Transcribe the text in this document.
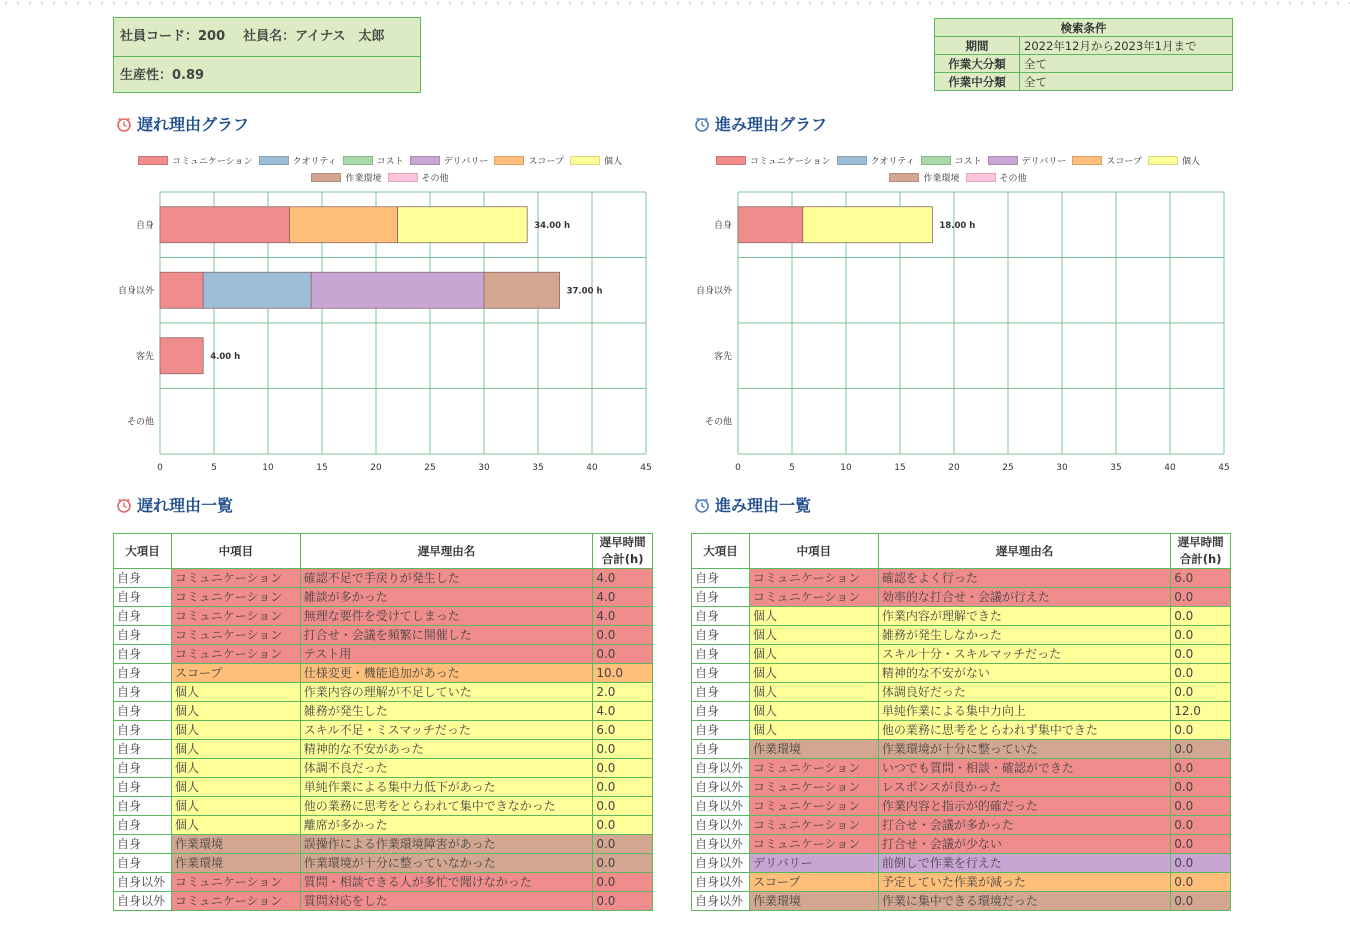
社員コード：200 社員名：アイナス　太郎
生産性：0.89
検索条件	
期間	2022年12月から2023年1月まで
作業大分類	全て
作業中分類	全て
遅れ理由グラフ	進み理由グラフ
コミュニケーション	クオリティ	コスト	デリバリー	スコープ	個人
作業環境	その他
コミュニケーション	クオリティ	コスト	デリバリー	スコープ	個人
作業環境	その他
0	5	10	15	20	25	30	35	40	45
自身	34.00 h
自身以外	37.00 h
客先	4.00 h
その他
0	5	10	15	20	25	30	35	40	45
自身	18.00 h
自身以外
客先
その他
遅れ理由一覧	進み理由一覧
大項目	中項目	遅早理由名	遅早時間
合計(h)
自身	コミュニケーション	確認不足で手戻りが発生した	4.0
自身	コミュニケーション	雑談が多かった	4.0
自身	コミュニケーション	無理な要件を受けてしまった	4.0
自身	コミュニケーション	打合せ・会議を頻繁に開催した	0.0
自身	コミュニケーション	テスト用	0.0
自身	スコープ	仕様変更・機能追加があった	10.0
自身	個人	作業内容の理解が不足していた	2.0
自身	個人	雑務が発生した	4.0
自身	個人	スキル不足・ミスマッチだった	6.0
自身	個人	精神的な不安があった	0.0
自身	個人	体調不良だった	0.0
自身	個人	単純作業による集中力低下があった	0.0
自身	個人	他の業務に思考をとらわれて集中できなかった	0.0
自身	個人	離席が多かった	0.0
自身	作業環境	誤操作による作業環境障害があった	0.0
自身	作業環境	作業環境が十分に整っていなかった	0.0
自身以外	コミュニケーション	質問・相談できる人が多忙で聞けなかった	0.0
自身以外	コミュニケーション	質問対応をした	0.0
大項目	中項目	遅早理由名	遅早時間
合計(h)
自身	コミュニケーション	確認をよく行った	6.0
自身	コミュニケーション	効率的な打合せ・会議が行えた	0.0
自身	個人	作業内容が理解できた	0.0
自身	個人	雑務が発生しなかった	0.0
自身	個人	スキル十分・スキルマッチだった	0.0
自身	個人	精神的な不安がない	0.0
自身	個人	体調良好だった	0.0
自身	個人	単純作業による集中力向上	12.0
自身	個人	他の業務に思考をとらわれず集中できた	0.0
自身	作業環境	作業環境が十分に整っていた	0.0
自身以外	コミュニケーション	いつでも質問・相談・確認ができた	0.0
自身以外	コミュニケーション	レスポンスが良かった	0.0
自身以外	コミュニケーション	作業内容と指示が的確だった	0.0
自身以外	コミュニケーション	打合せ・会議が多かった	0.0
自身以外	コミュニケーション	打合せ・会議が少ない	0.0
自身以外	デリバリー	前倒しで作業を行えた	0.0
自身以外	スコープ	予定していた作業が減った	0.0
自身以外	作業環境	作業に集中できる環境だった	0.0
